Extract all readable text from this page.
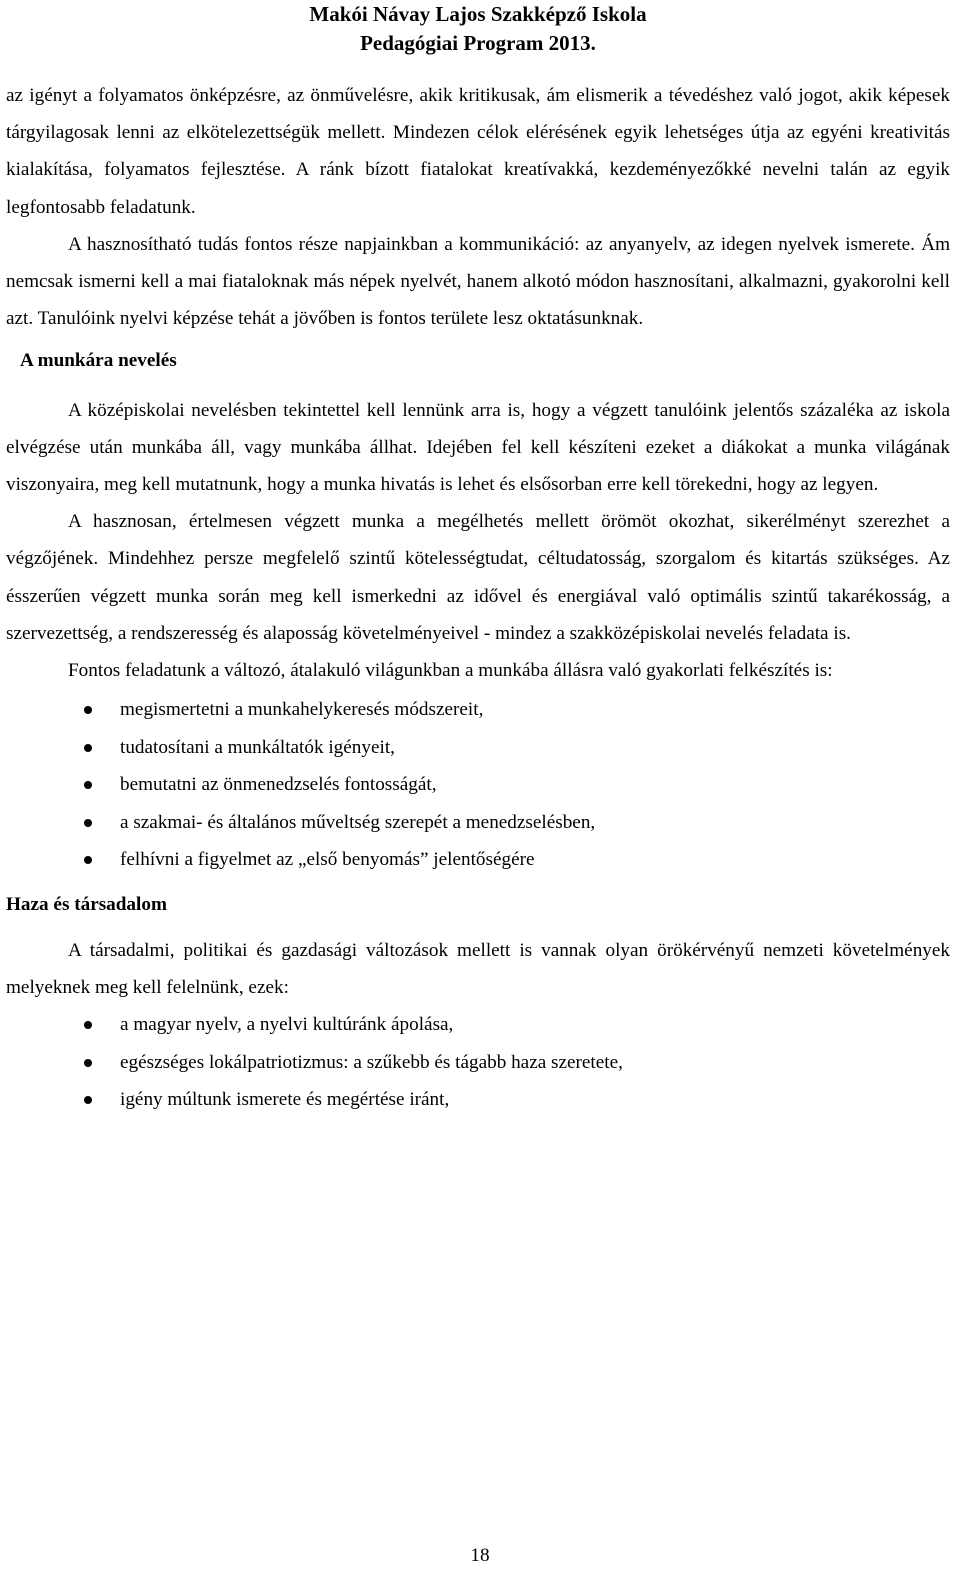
Makói Návay Lajos Szakképző Iskola
Pedagógiai Program 2013.

az igényt a folyamatos önképzésre, az önművelésre, akik kritikusak, ám elismerik a tévedéshez való jogot, akik képesek tárgyilagosak lenni az elkötelezettségük mellett. Mindezen célok elérésének egyik lehetséges útja az egyéni kreativitás kialakítása, folyamatos fejlesztése. A ránk bízott fiatalokat kreatívakká, kezdeményezőkké nevelni talán az egyik legfontosabb feladatunk.

A hasznosítható tudás fontos része napjainkban a kommunikáció: az anyanyelv, az idegen nyelvek ismerete. Ám nemcsak ismerni kell a mai fiataloknak más népek nyelvét, hanem alkotó módon hasznosítani, alkalmazni, gyakorolni kell azt. Tanulóink nyelvi képzése tehát a jövőben is fontos területe lesz oktatásunknak.

A munkára nevelés

A középiskolai nevelésben tekintettel kell lennünk arra is, hogy a végzett tanulóink jelentős százaléka az iskola elvégzése után munkába áll, vagy munkába állhat. Idejében fel kell készíteni ezeket a diákokat a munka világának viszonyaira, meg kell mutatnunk, hogy a munka hivatás is lehet és elsősorban erre kell törekedni, hogy az legyen.

A hasznosan, értelmesen végzett munka a megélhetés mellett örömöt okozhat, sikerélményt szerezhet a végzőjének. Mindehhez persze megfelelő szintű kötelességtudat, céltudatosság, szorgalom és kitartás szükséges. Az ésszerűen végzett munka során meg kell ismerkedni az idővel és energiával való optimális szintű takarékosság, a szervezettség, a rendszeresség és alaposság követelményeivel - mindez a szakközépiskolai nevelés feladata is.

Fontos feladatunk a változó, átalakuló világunkban a munkába állásra való gyakorlati felkészítés is:

megismertetni a munkahelykeresés módszereit,
tudatosítani a munkáltatók igényeit,
bemutatni az önmenedzselés fontosságát,
a szakmai- és általános műveltség szerepét a menedzselésben,
felhívni a figyelmet az „első benyomás” jelentőségére
Haza és társadalom

A társadalmi, politikai és gazdasági változások mellett is vannak olyan örökérvényű nemzeti követelmények melyeknek meg kell felelnünk, ezek:

a magyar nyelv, a nyelvi kultúránk ápolása,
egészséges lokálpatriotizmus: a szűkebb és tágabb haza szeretete,
igény múltunk ismerete és megértése iránt,
18
